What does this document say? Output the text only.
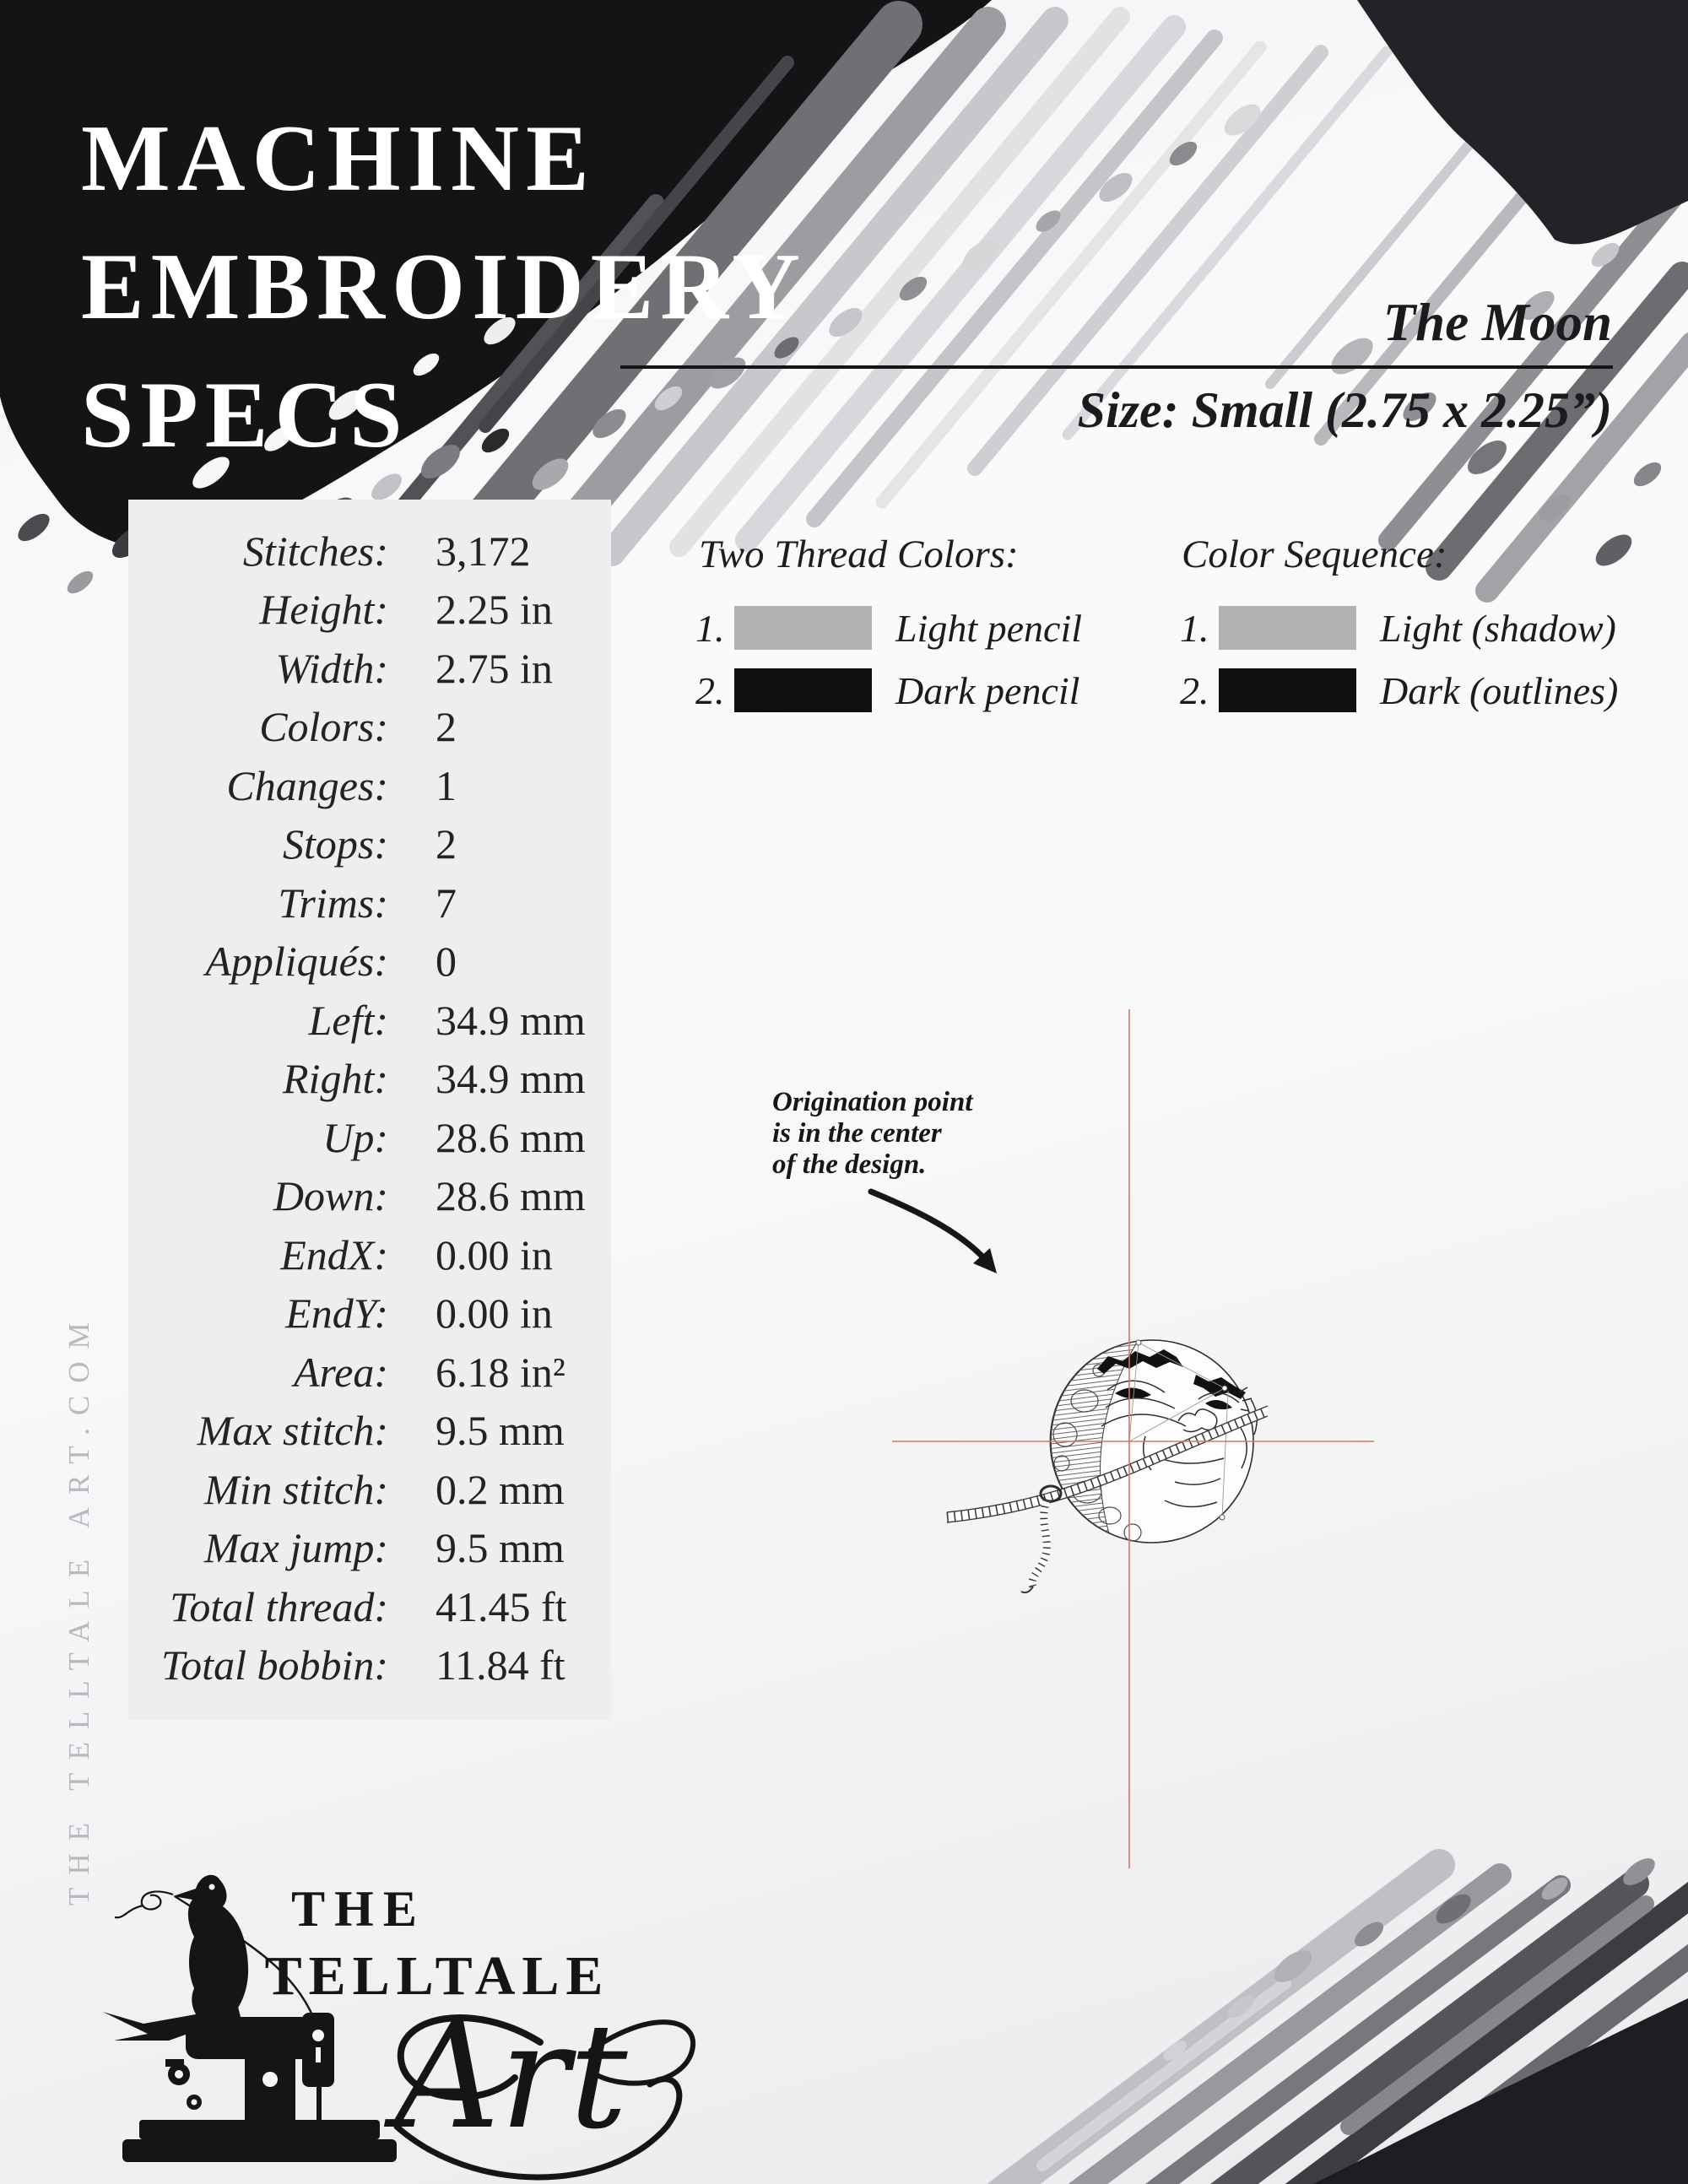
MACHINE
EMBROIDERY
SPECS
The Moon
Size: Small (2.75 x 2.25”)
Stitches: 3,172
Height: 2.25 in
Width: 2.75 in
Colors: 2
Changes: 1
Stops: 2
Trims: 7
Appliqués: 0
Left: 34.9 mm
Right: 34.9 mm
Up: 28.6 mm
Down: 28.6 mm
EndX: 0.00 in
EndY: 0.00 in
Area: 6.18 in²
Max stitch: 9.5 mm
Min stitch: 0.2 mm
Max jump: 9.5 mm
Total thread: 41.45 ft
Total bobbin: 11.84 ft
Two Thread Colors:
1.	Light pencil
2.	Dark pencil
Color Sequence:
1.	Light (shadow)
2.	Dark (outlines)
Origination point
is in the center
of the design.
THE TELLTALE ART.COM
THE
TELLTALE
Art
